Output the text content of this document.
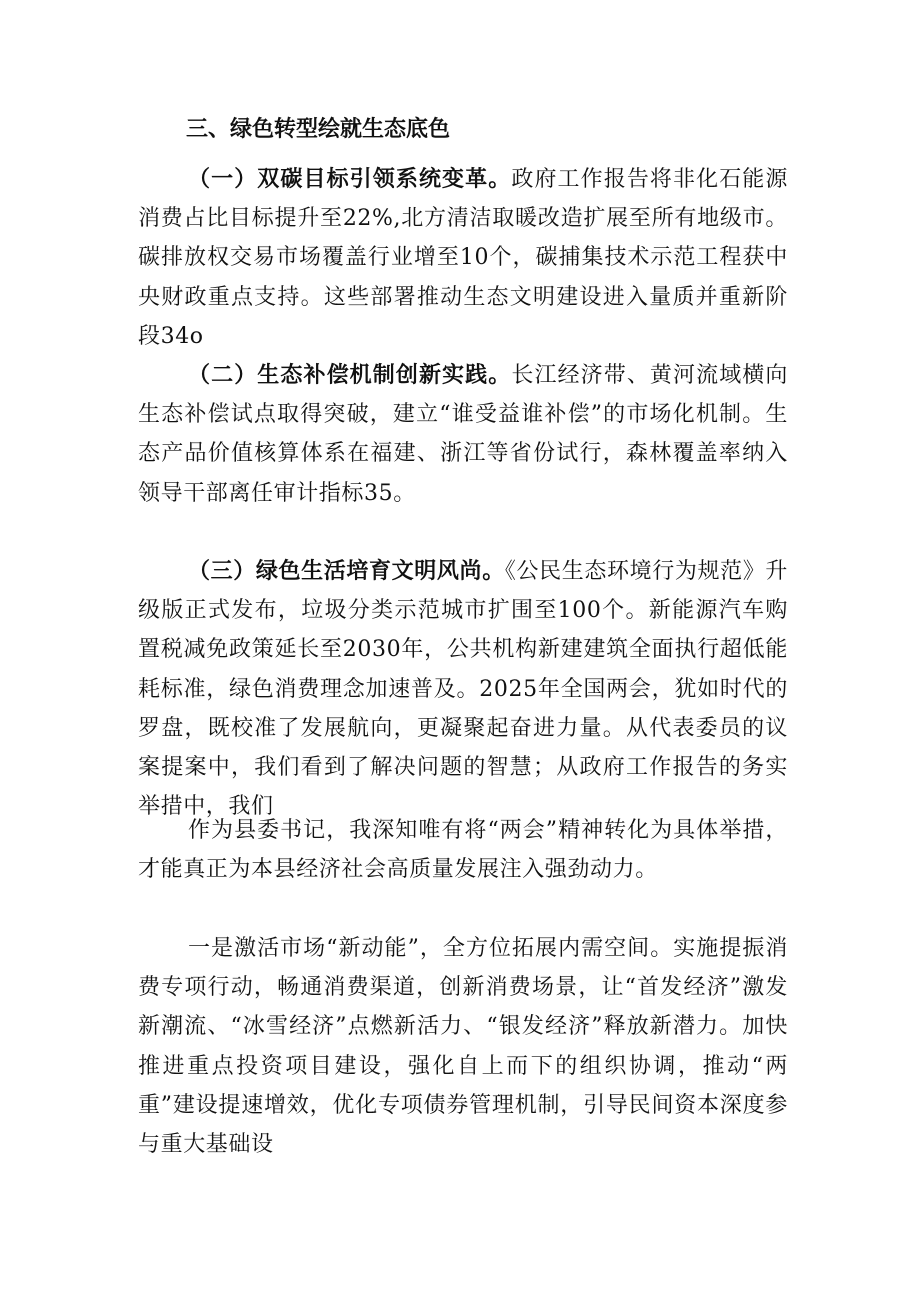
三、绿色转型绘就生态底色

（一）双碳目标引领系统变革。政府工作报告将非化石能源消费占比目标提升至22%,北方清洁取暖改造扩展至所有地级市。碳排放权交易市场覆盖行业增至10个，碳捕集技术示范工程获中央财政重点支持。这些部署推动生态文明建设进入量质并重新阶段34o

（二）生态补偿机制创新实践。长江经济带、黄河流域横向生态补偿试点取得突破，建立“谁受益谁补偿”的市场化机制。生态产品价值核算体系在福建、浙江等省份试行，森林覆盖率纳入领导干部离任审计指标35。

（三）绿色生活培育文明风尚。《公民生态环境行为规范》升级版正式发布，垃圾分类示范城市扩围至100个。新能源汽车购置税减免政策延长至2030年，公共机构新建建筑全面执行超低能耗标准，绿色消费理念加速普及。2025年全国两会，犹如时代的罗盘，既校准了发展航向，更凝聚起奋进力量。从代表委员的议案提案中，我们看到了解决问题的智慧；从政府工作报告的务实举措中，我们

作为县委书记，我深知唯有将“两会”精神转化为具体举措，才能真正为本县经济社会高质量发展注入强劲动力。

一是激活市场“新动能”，全方位拓展内需空间。实施提振消费专项行动，畅通消费渠道，创新消费场景，让“首发经济”激发新潮流、“冰雪经济”点燃新活力、“银发经济”释放新潜力。加快推进重点投资项目建设，强化自上而下的组织协调，推动“两重”建设提速增效，优化专项债券管理机制，引导民间资本深度参与重大基础设
